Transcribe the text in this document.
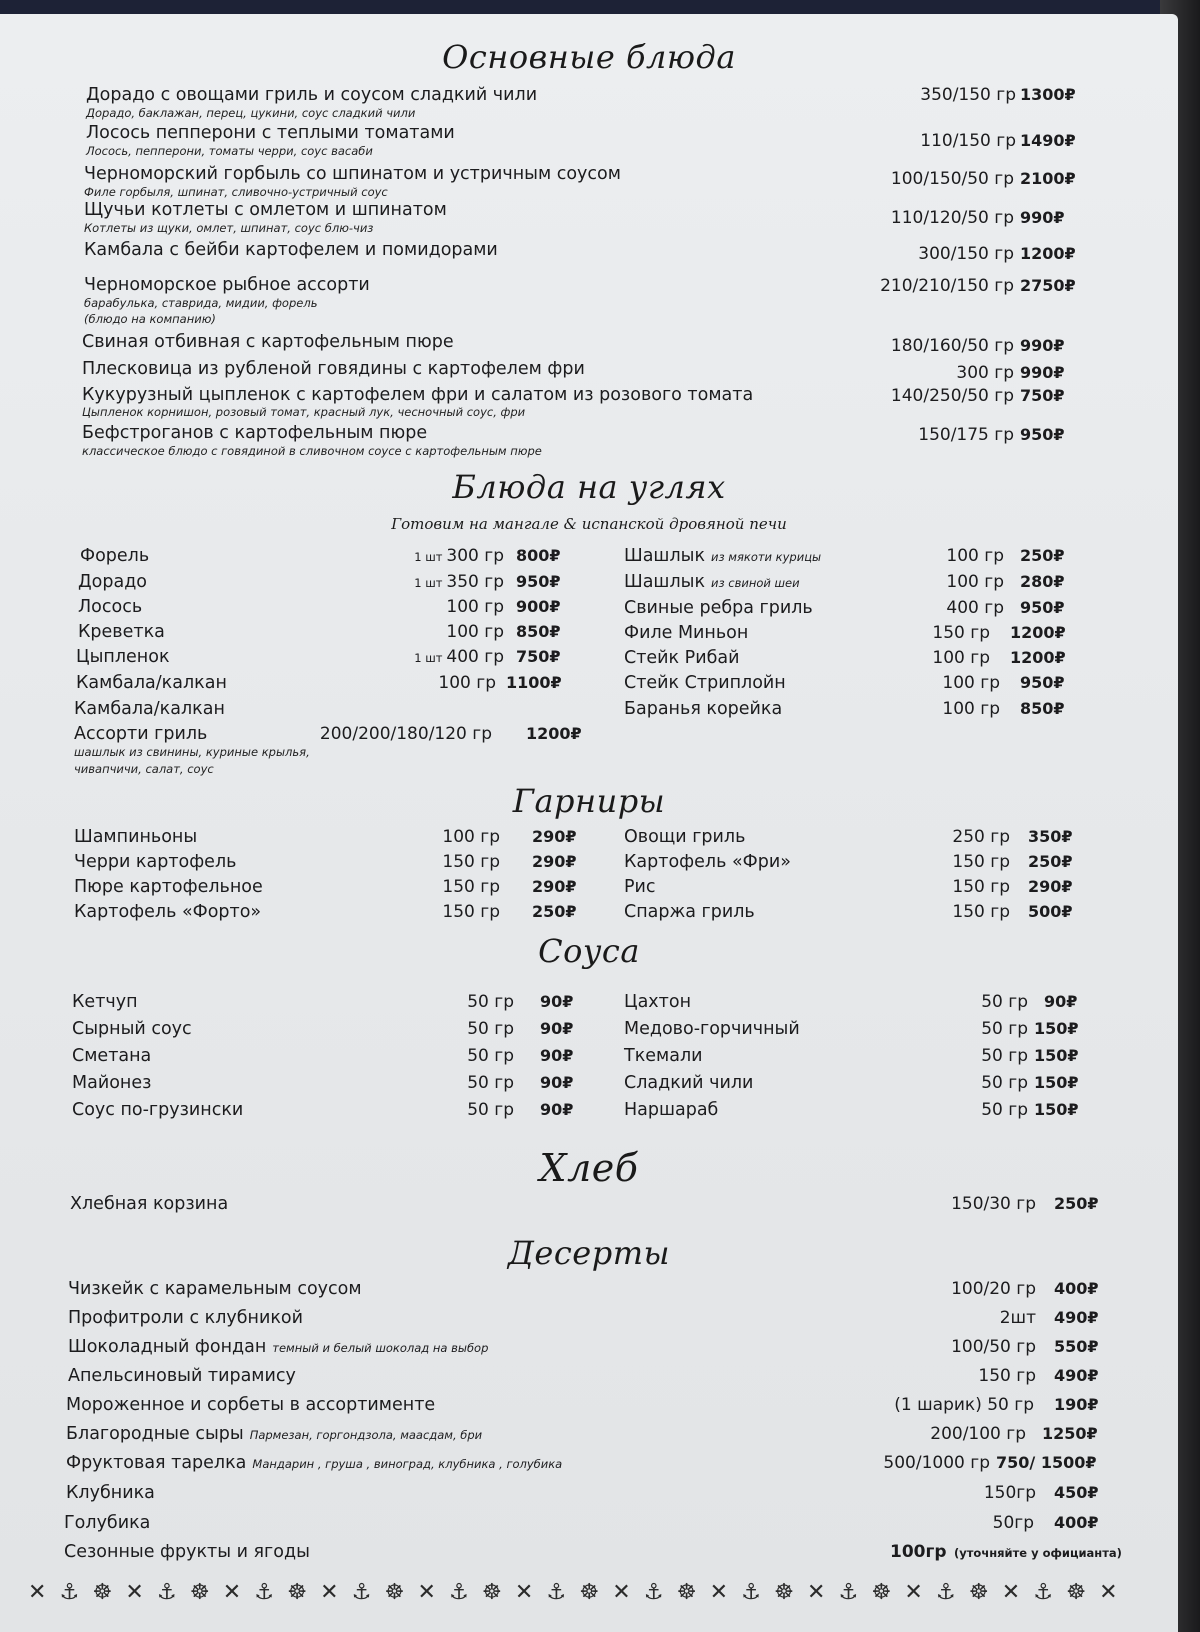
Основные блюда
Дорадо с овощами гриль и соусом сладкий чили
Дорадо, баклажан, перец, цукини, соус сладкий чили
350/150 гр 1300₽
Лосось пепперони с теплыми томатами
Лосось, пепперони, томаты черри, соус васаби	110/150 гр 1490₽
Черноморский горбыль со шпинатом и устричным соусом
Филе горбыля, шпинат, сливочно-устричный соус
100/150/50 гр 2100₽
Щучьи котлеты с омлетом и шпинатом
Котлеты из щуки, омлет, шпинат, соус блю-чиз	110/120/50 гр 990₽
Камбала с бейби картофелем и помидорами	300/150 гр 1200₽
Черноморское рыбное ассорти
барабулька, ставрида, мидии, форель
(блюдо на компанию)
210/210/150 гр 2750₽
Свиная отбивная с картофельным пюре	180/160/50 гр 990₽
Плесковица из рубленой говядины с картофелем фри	300 гр 990₽
Кукурузный цыпленок с картофелем фри и салатом из розового томата
Цыпленок корнишон, розовый томат, красный лук, чесночный соус, фри
140/250/50 гр 750₽
Бефстроганов с картофельным пюре
классическое блюдо с говядиной в сливочном соусе с картофельным пюре
150/175 гр 950₽
Блюда на углях
Готовим на мангале & испанской дровяной печи
Форель	1 шт 300 гр 800₽
Дорадо	1 шт 350 гр 950₽
Лосось	100 гр 900₽
Креветка	100 гр 850₽
Цыпленок	1 шт 400 гр 750₽
Камбала/калкан	100 гр 1100₽
Камбала/калкан
Ассорти гриль
шашлык из свинины, куриные крылья,
чивапчичи, салат, соус
200/200/180/120 гр 1200₽
Шашлык из мякоти курицы	100 гр 250₽
Шашлык из свиной шеи	100 гр 280₽
Свиные ребра гриль	400 гр 950₽
Филе Миньон	150 гр 1200₽
Стейк Рибай	100 гр 1200₽
Стейк Стриплойн	100 гр 950₽
Баранья корейка	100 гр 850₽
Гарниры
Шампиньоны	100 гр 290₽
Черри картофель	150 гр 290₽
Пюре картофельное	150 гр 290₽
Картофель «Форто»	150 гр 250₽
Овощи гриль	250 гр 350₽
Картофель «Фри»	150 гр 250₽
Рис	150 гр 290₽
Спаржа гриль	150 гр 500₽
Соуса
Кетчуп	50 гр 90₽
Сырный соус	50 гр 90₽
Сметана	50 гр 90₽
Майонез	50 гр 90₽
Соус по-грузински	50 гр 90₽
Цахтон	50 гр 90₽
Медово-горчичный	50 гр 150₽
Ткемали	50 гр 150₽
Сладкий чили	50 гр 150₽
Наршараб	50 гр 150₽
Хлеб
Хлебная корзина	150/30 гр 250₽
Десерты
Чизкейк с карамельным соусом	100/20 гр 400₽
Профитроли с клубникой	2шт 490₽
Шоколадный фондан темный и белый шоколад на выбор	100/50 гр 550₽
Апельсиновый тирамису	150 гр 490₽
Мороженное и сорбеты в ассортименте	(1 шарик) 50 гр 190₽
Благородные сыры Пармезан, горгондзола, маасдам, бри	200/100 гр 1250₽
Фруктовая тарелка Мандарин , груша , виноград, клубника , голубика	500/1000 гр 750/ 1500₽
Клубника	150гр 450₽
Голубика	50гр 400₽
Сезонные фрукты и ягоды	100гр (уточняйте у официанта)
✕ ⚓ ☸ ✕ ⚓ ☸ ✕ ⚓ ☸ ✕ ⚓ ☸ ✕ ⚓ ☸ ✕ ⚓ ☸ ✕ ⚓ ☸ ✕ ⚓ ☸ ✕ ⚓ ☸ ✕ ⚓ ☸ ✕ ⚓ ☸ ✕
